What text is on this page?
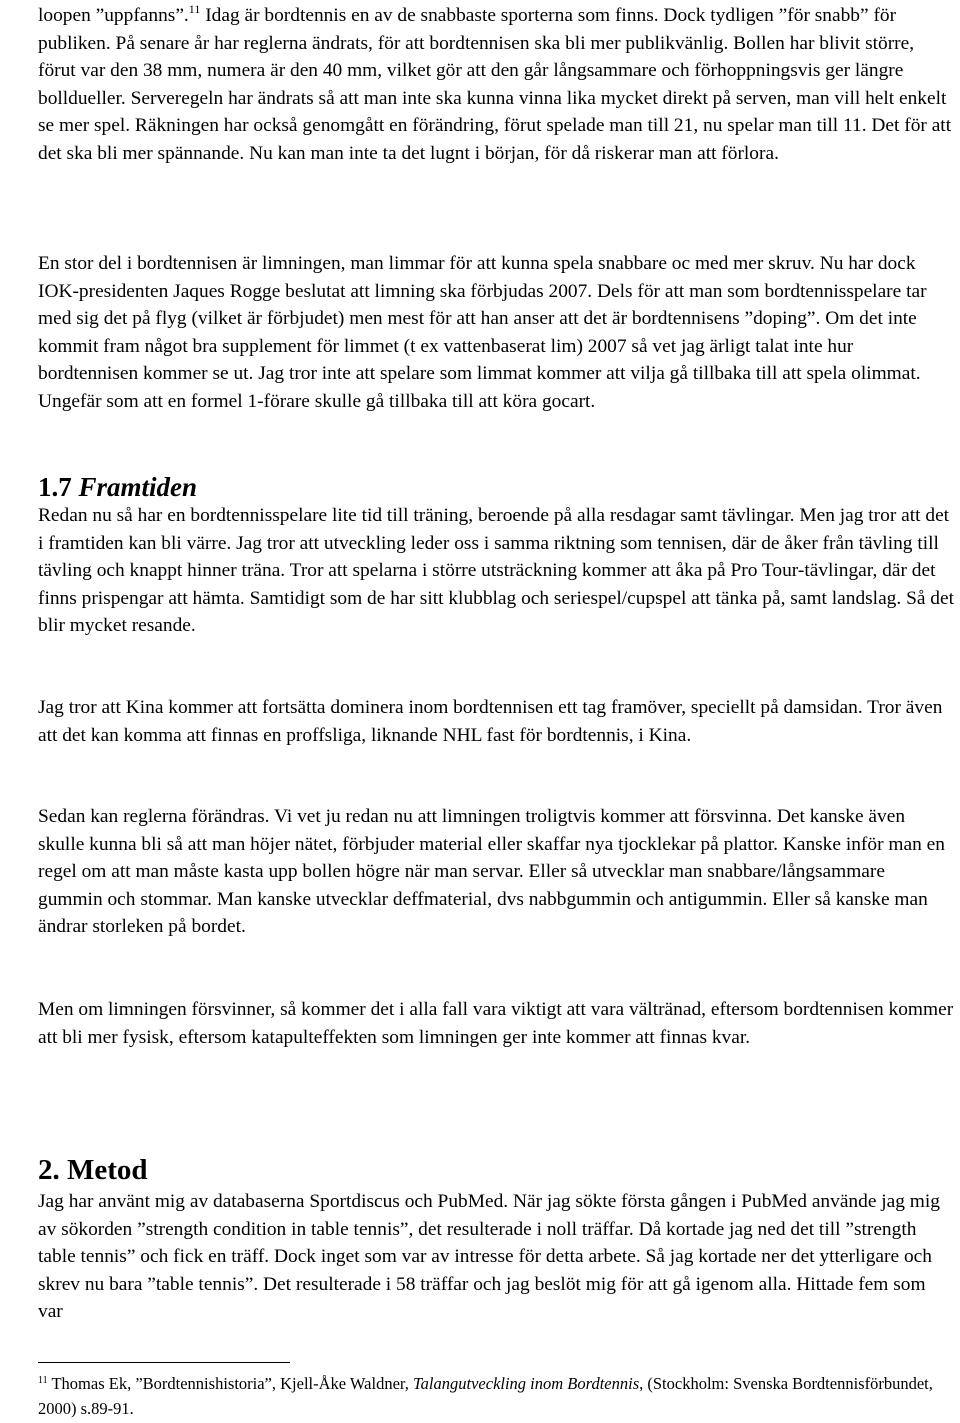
loopen ”uppfanns”.$^{11}$ Idag är bordtennis en av de snabbaste sporterna som finns. Dock tydligen ”för snabb” för publiken. På senare år har reglerna ändrats, för att bordtennisen ska bli mer publikvänlig. Bollen har blivit större, förut var den 38 mm, numera är den 40 mm, vilket gör att den går långsammare och förhoppningsvis ger längre bolldueller. Serveregeln har ändrats så att man inte ska kunna vinna lika mycket direkt på serven, man vill helt enkelt se mer spel. Räkningen har också genomgått en förändring, förut spelade man till 21, nu spelar man till 11. Det för att det ska bli mer spännande. Nu kan man inte ta det lugnt i början, för då riskerar man att förlora.

En stor del i bordtennisen är limningen, man limmar för att kunna spela snabbare oc med mer skruv. Nu har dock IOK-presidenten Jaques Rogge beslutat att limning ska förbjudas 2007. Dels för att man som bordtennisspelare tar med sig det på flyg (vilket är förbjudet) men mest för att han anser att det är bordtennisens ”doping”. Om det inte kommit fram något bra supplement för limmet (t ex vattenbaserat lim) 2007 så vet jag ärligt talat inte hur bordtennisen kommer se ut. Jag tror inte att spelare som limmat kommer att vilja gå tillbaka till att spela olimmat. Ungefär som att en formel 1-förare skulle gå tillbaka till att köra gocart.

1.7 Framtiden

Redan nu så har en bordtennisspelare lite tid till träning, beroende på alla resdagar samt tävlingar. Men jag tror att det i framtiden kan bli värre. Jag tror att utveckling leder oss i samma riktning som tennisen, där de åker från tävling till tävling och knappt hinner träna. Tror att spelarna i större utsträckning kommer att åka på Pro Tour-tävlingar, där det finns prispengar att hämta. Samtidigt som de har sitt klubblag och seriespel/cupspel att tänka på, samt landslag. Så det blir mycket resande.

Jag tror att Kina kommer att fortsätta dominera inom bordtennisen ett tag framöver, speciellt på damsidan. Tror även att det kan komma att finnas en proffsliga, liknande NHL fast för bordtennis, i Kina.

Sedan kan reglerna förändras. Vi vet ju redan nu att limningen troligtvis kommer att försvinna. Det kanske även skulle kunna bli så att man höjer nätet, förbjuder material eller skaffar nya tjocklekar på plattor. Kanske inför man en regel om att man måste kasta upp bollen högre när man servar. Eller så utvecklar man snabbare/långsammare gummin och stommar. Man kanske utvecklar deffmaterial, dvs nabbgummin och antigummin. Eller så kanske man ändrar storleken på bordet.

Men om limningen försvinner, så kommer det i alla fall vara viktigt att vara vältränad, eftersom bordtennisen kommer att bli mer fysisk, eftersom katapulteffekten som limningen ger inte kommer att finnas kvar.

2. Metod

Jag har använt mig av databaserna Sportdiscus och PubMed. När jag sökte första gången i PubMed använde jag mig av sökorden ”strength condition in table tennis”, det resulterade i noll träffar. Då kortade jag ned det till ”strength table tennis” och fick en träff. Dock inget som var av intresse för detta arbete. Så jag kortade ner det ytterligare och skrev nu bara ”table tennis”. Det resulterade i 58 träffar och jag beslöt mig för att gå igenom alla. Hittade fem som var

$^{11}$ Thomas Ek, ”Bordtennishistoria”, Kjell-Åke Waldner, Talangutveckling inom Bordtennis, (Stockholm: Svenska Bordtennisförbundet, 2000) s.89-91.
